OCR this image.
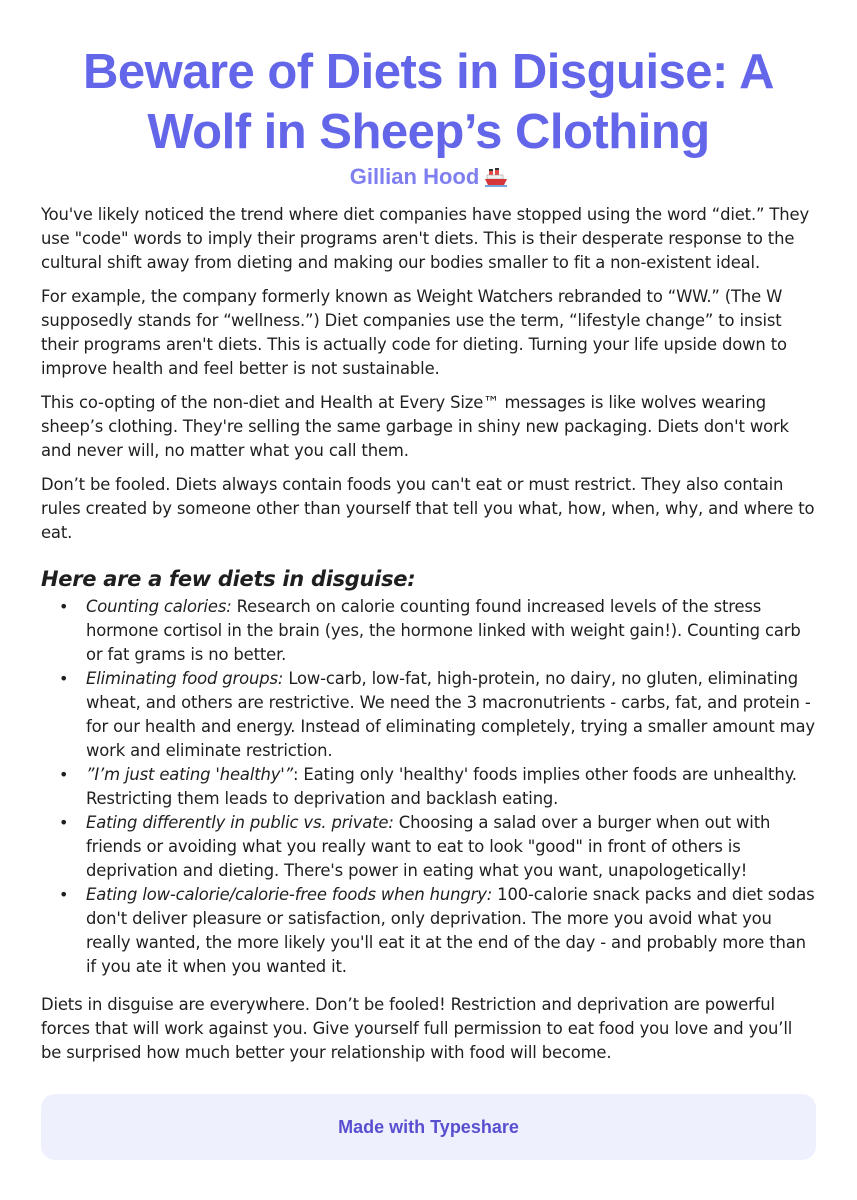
Beware of Diets in Disguise: A Wolf in Sheep’s Clothing
Gillian Hood

You've likely noticed the trend where diet companies have stopped using the word “diet.” They use "code" words to imply their programs aren't diets. This is their desperate response to the cultural shift away from dieting and making our bodies smaller to fit a non-existent ideal.

For example, the company formerly known as Weight Watchers rebranded to “WW.” (The W supposedly stands for “wellness.”) Diet companies use the term, “lifestyle change” to insist their programs aren't diets. This is actually code for dieting. Turning your life upside down to improve health and feel better is not sustainable.

This co-opting of the non-diet and Health at Every Size™ messages is like wolves wearing sheep’s clothing. They're selling the same garbage in shiny new packaging. Diets don't work and never will, no matter what you call them.

Don’t be fooled. Diets always contain foods you can't eat or must restrict. They also contain rules created by someone other than yourself that tell you what, how, when, why, and where to eat.

Here are a few diets in disguise:
• Counting calories: Research on calorie counting found increased levels of the stress hormone cortisol in the brain (yes, the hormone linked with weight gain!). Counting carb or fat grams is no better.
• Eliminating food groups: Low-carb, low-fat, high-protein, no dairy, no gluten, eliminating wheat, and others are restrictive. We need the 3 macronutrients - carbs, fat, and protein - for our health and energy. Instead of eliminating completely, trying a smaller amount may work and eliminate restriction.
• ”I’m just eating 'healthy'”: Eating only 'healthy' foods implies other foods are unhealthy. Restricting them leads to deprivation and backlash eating.
• Eating differently in public vs. private: Choosing a salad over a burger when out with friends or avoiding what you really want to eat to look "good" in front of others is deprivation and dieting. There's power in eating what you want, unapologetically!
• Eating low-calorie/calorie-free foods when hungry: 100-calorie snack packs and diet sodas don't deliver pleasure or satisfaction, only deprivation. The more you avoid what you really wanted, the more likely you'll eat it at the end of the day - and probably more than if you ate it when you wanted it.

Diets in disguise are everywhere. Don’t be fooled! Restriction and deprivation are powerful forces that will work against you. Give yourself full permission to eat food you love and you’ll be surprised how much better your relationship with food will become.

Made with Typeshare
